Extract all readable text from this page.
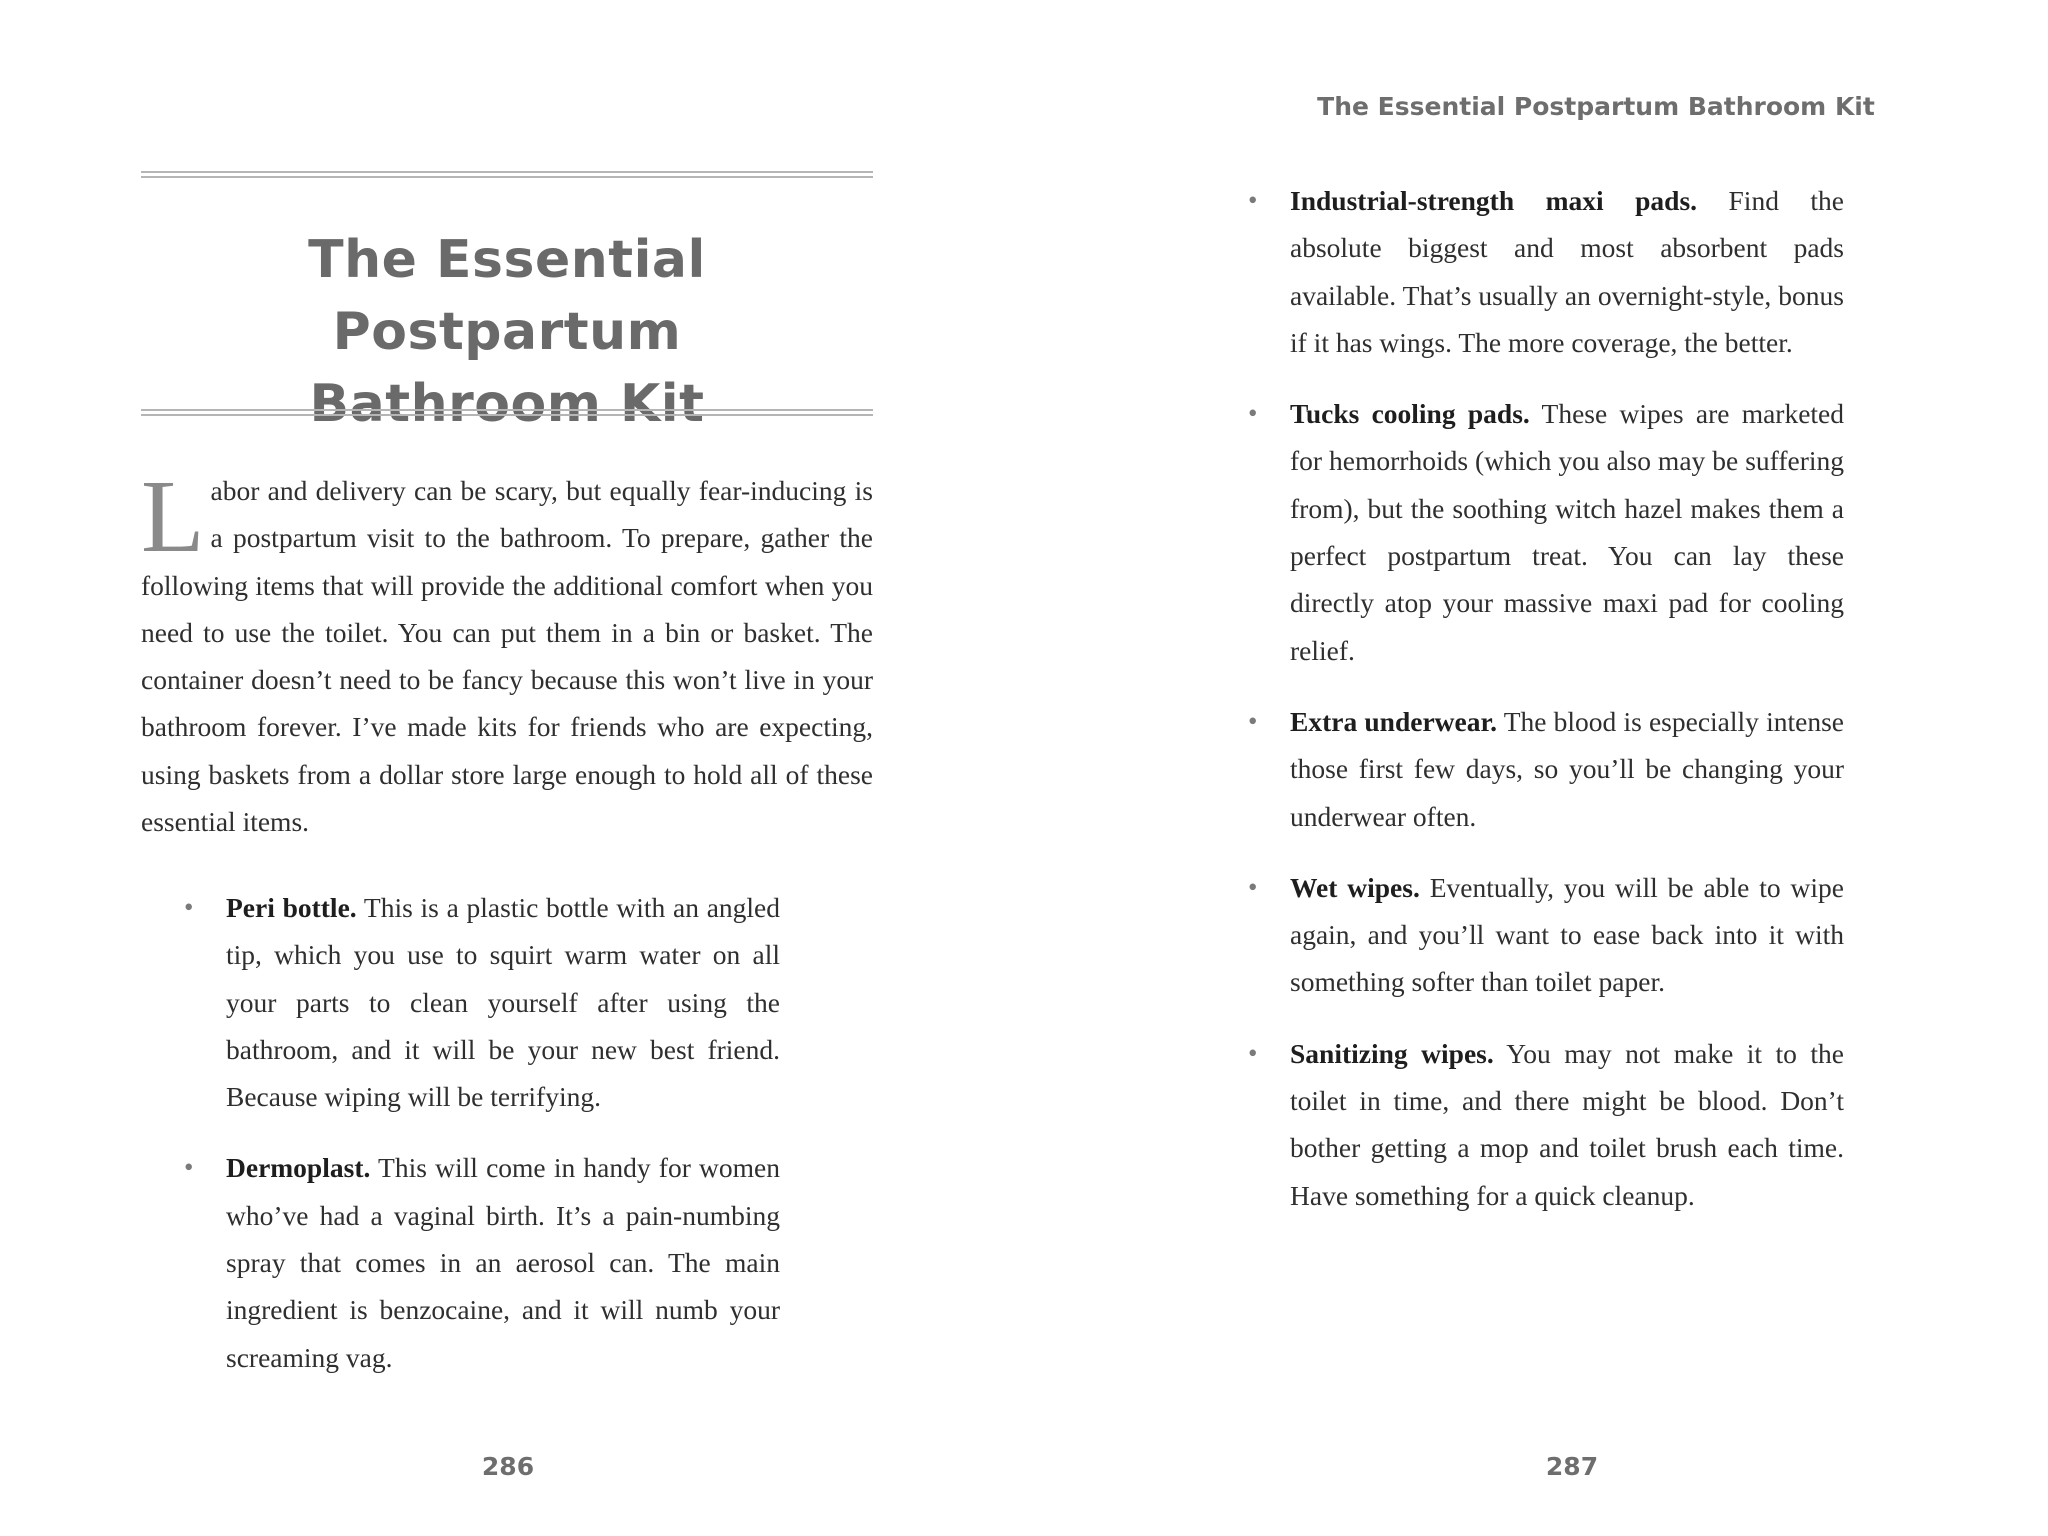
The Essential Postpartum
Bathroom Kit

Labor and delivery can be scary, but equally fear-inducing is a postpartum visit to the bathroom. To prepare, gather the following items that will provide the additional comfort when you need to use the toilet. You can put them in a bin or basket. The container doesn’t need to be fancy because this won’t live in your bathroom forever. I’ve made kits for friends who are expecting, using baskets from a dollar store large enough to hold all of these essential items.

• Peri bottle. This is a plastic bottle with an angled tip, which you use to squirt warm water on all your parts to clean yourself after using the bathroom, and it will be your new best friend. Because wiping will be terrifying.
• Dermoplast. This will come in handy for women who’ve had a vaginal birth. It’s a pain-numbing spray that comes in an aerosol can. The main ingredient is benzocaine, and it will numb your screaming vag.
286
The Essential Postpartum Bathroom Kit
• Industrial-strength maxi pads. Find the absolute biggest and most absorbent pads available. That’s usually an overnight-style, bonus if it has wings. The more coverage, the better.
• Tucks cooling pads. These wipes are marketed for hemorrhoids (which you also may be suffering from), but the soothing witch hazel makes them a perfect postpartum treat. You can lay these directly atop your massive maxi pad for cooling relief.
• Extra underwear. The blood is especially intense those first few days, so you’ll be changing your underwear often.
• Wet wipes. Eventually, you will be able to wipe again, and you’ll want to ease back into it with something softer than toilet paper.
• Sanitizing wipes. You may not make it to the toilet in time, and there might be blood. Don’t bother getting a mop and toilet brush each time. Have something for a quick cleanup.
287
